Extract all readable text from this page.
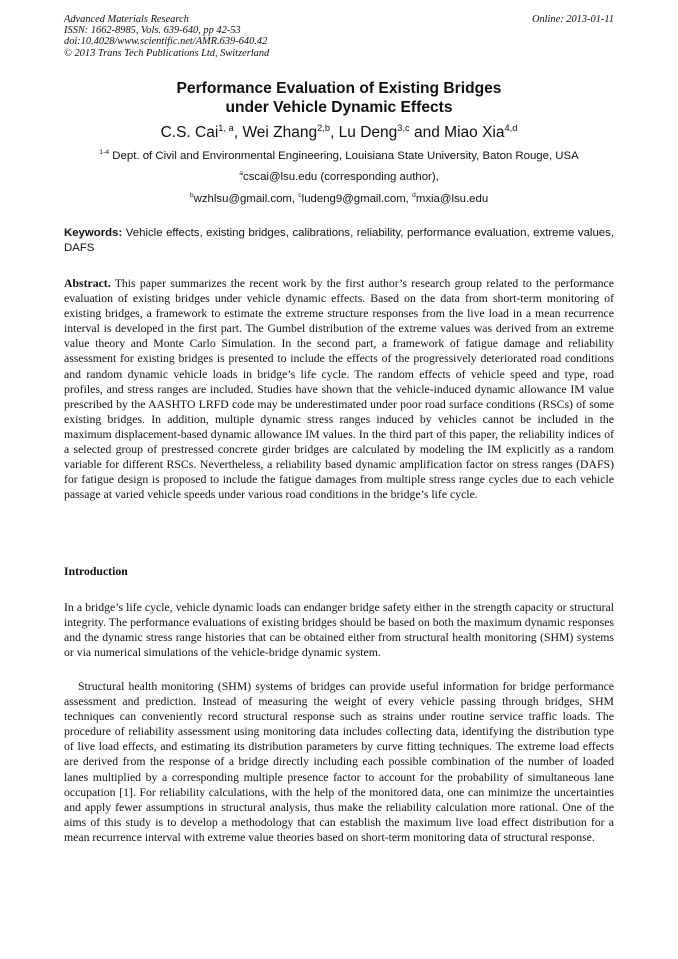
Advanced Materials Research
ISSN: 1662-8985, Vols. 639-640, pp 42-53
doi:10.4028/www.scientific.net/AMR.639-640.42
© 2013 Trans Tech Publications Ltd, Switzerland
Online: 2013-01-11
Performance Evaluation of Existing Bridges
under Vehicle Dynamic Effects
C.S. Cai$^{1, a}$, Wei Zhang$^{2,b}$, Lu Deng$^{3,c}$ and Miao Xia$^{4,d}$
$^{1-4}$ Dept. of Civil and Environmental Engineering, Louisiana State University, Baton Rouge, USA
$^a$cscai@lsu.edu (corresponding author),
$^b$wzhlsu@gmail.com, $^c$ludeng9@gmail.com, $^d$mxia@lsu.edu
Keywords: Vehicle effects, existing bridges, calibrations, reliability, performance evaluation, extreme values, DAFS
Abstract. This paper summarizes the recent work by the first author’s research group related to the performance evaluation of existing bridges under vehicle dynamic effects. Based on the data from short-term monitoring of existing bridges, a framework to estimate the extreme structure responses from the live load in a mean recurrence interval is developed in the first part. The Gumbel distribution of the extreme values was derived from an extreme value theory and Monte Carlo Simulation. In the second part, a framework of fatigue damage and reliability assessment for existing bridges is presented to include the effects of the progressively deteriorated road conditions and random dynamic vehicle loads in bridge’s life cycle. The random effects of vehicle speed and type, road profiles, and stress ranges are included. Studies have shown that the vehicle-induced dynamic allowance IM value prescribed by the AASHTO LRFD code may be underestimated under poor road surface conditions (RSCs) of some existing bridges. In addition, multiple dynamic stress ranges induced by vehicles cannot be included in the maximum displacement-based dynamic allowance IM values. In the third part of this paper, the reliability indices of a selected group of prestressed concrete girder bridges are calculated by modeling the IM explicitly as a random variable for different RSCs. Nevertheless, a reliability based dynamic amplification factor on stress ranges (DAFS) for fatigue design is proposed to include the fatigue damages from multiple stress range cycles due to each vehicle passage at varied vehicle speeds under various road conditions in the bridge’s life cycle.
Introduction
In a bridge’s life cycle, vehicle dynamic loads can endanger bridge safety either in the strength capacity or structural integrity. The performance evaluations of existing bridges should be based on both the maximum dynamic responses and the dynamic stress range histories that can be obtained either from structural health monitoring (SHM) systems or via numerical simulations of the vehicle-bridge dynamic system.
Structural health monitoring (SHM) systems of bridges can provide useful information for bridge performance assessment and prediction. Instead of measuring the weight of every vehicle passing through bridges, SHM techniques can conveniently record structural response such as strains under routine service traffic loads. The procedure of reliability assessment using monitoring data includes collecting data, identifying the distribution type of live load effects, and estimating its distribution parameters by curve fitting techniques. The extreme load effects are derived from the response of a bridge directly including each possible combination of the number of loaded lanes multiplied by a corresponding multiple presence factor to account for the probability of simultaneous lane occupation [1]. For reliability calculations, with the help of the monitored data, one can minimize the uncertainties and apply fewer assumptions in structural analysis, thus make the reliability calculation more rational. One of the aims of this study is to develop a methodology that can establish the maximum live load effect distribution for a mean recurrence interval with extreme value theories based on short-term monitoring data of structural response.
